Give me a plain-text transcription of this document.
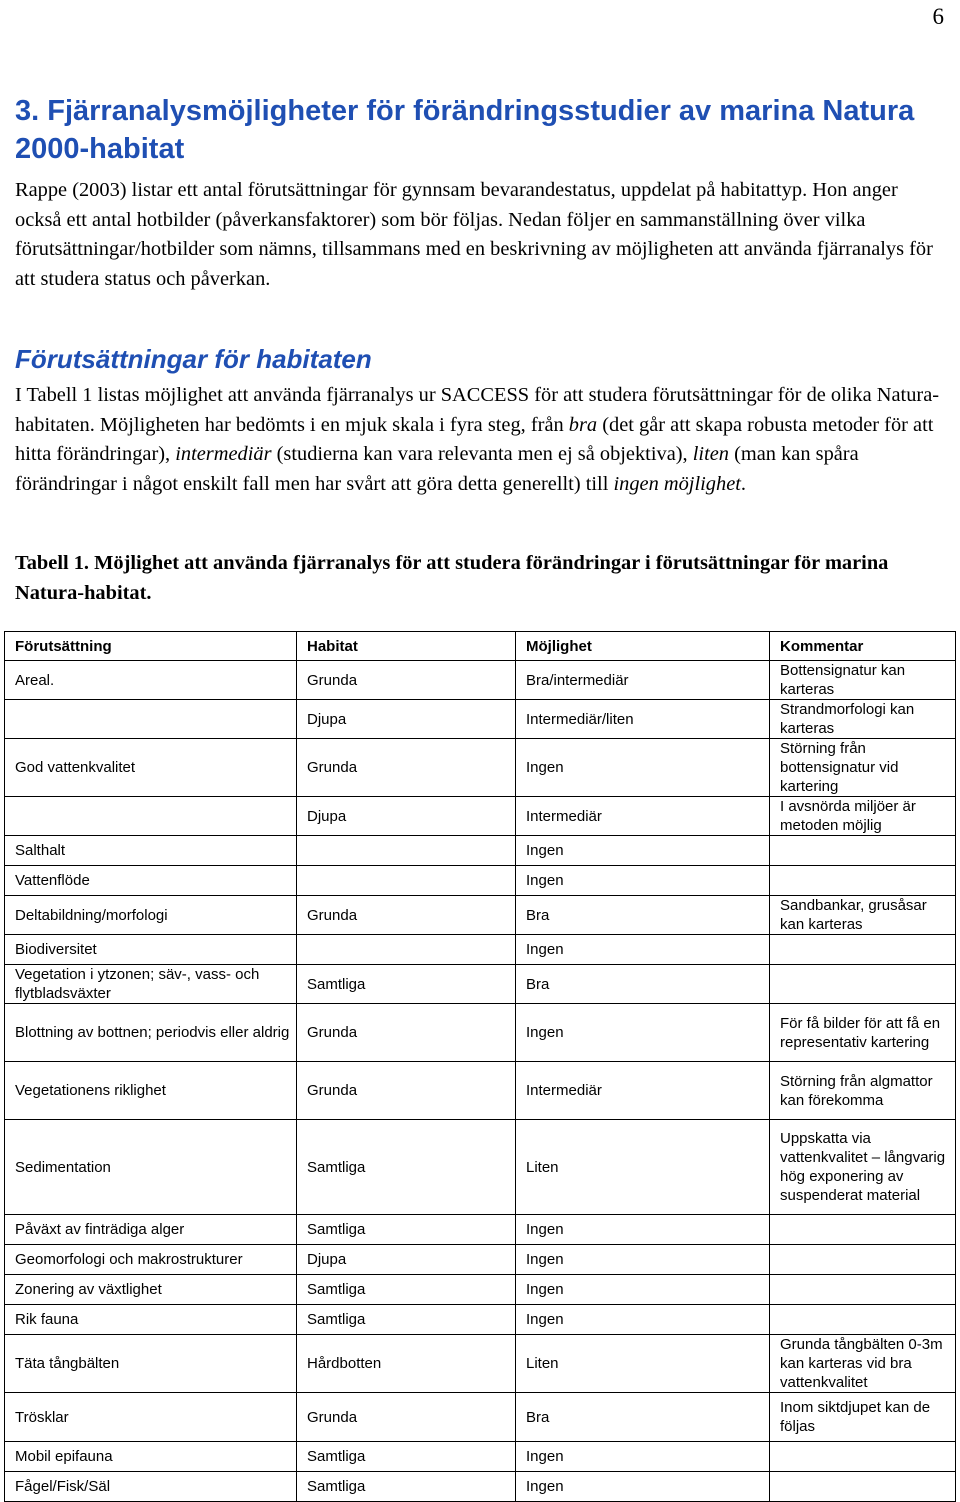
6
3. Fjärranalysmöjligheter för förändringsstudier av marina Natura 2000-habitat

Rappe (2003) listar ett antal förutsättningar för gynnsam bevarandestatus, uppdelat på habitattyp. Hon anger också ett antal hotbilder (påverkansfaktorer) som bör följas. Nedan följer en sammanställning över vilka förutsättningar/hotbilder som nämns, tillsammans med en beskrivning av möjligheten att använda fjärranalys för att studera status och påverkan.

Förutsättningar för habitaten

I Tabell 1 listas möjlighet att använda fjärranalys ur SACCESS för att studera förutsättningar för de olika Natura-habitaten. Möjligheten har bedömts i en mjuk skala i fyra steg, från bra (det går att skapa robusta metoder för att hitta förändringar), intermediär (studierna kan vara relevanta men ej så objektiva), liten (man kan spåra förändringar i något enskilt fall men har svårt att göra detta generellt) till ingen möjlighet.

Tabell 1. Möjlighet att använda fjärranalys för att studera förändringar i förutsättningar för marina Natura-habitat.

Förutsättning	Habitat	Möjlighet	Kommentar
Areal.	Grunda	Bra/intermediär	Bottensignatur kan karteras
	Djupa	Intermediär/liten	Strandmorfologi kan karteras
God vattenkvalitet	Grunda	Ingen	Störning från bottensignatur vid kartering
	Djupa	Intermediär	I avsnörda miljöer är metoden möjlig
Salthalt		Ingen	
Vattenflöde		Ingen	
Deltabildning/morfologi	Grunda	Bra	Sandbankar, grusåsar kan karteras
Biodiversitet		Ingen	
Vegetation i ytzonen; säv-, vass- och flytbladsväxter	Samtliga	Bra	
Blottning av bottnen; periodvis eller aldrig	Grunda	Ingen	För få bilder för att få en representativ kartering
Vegetationens riklighet	Grunda	Intermediär	Störning från algmattor kan förekomma
Sedimentation	Samtliga	Liten	Uppskatta via vattenkvalitet – långvarig hög exponering av suspenderat material
Påväxt av finträdiga alger	Samtliga	Ingen	
Geomorfologi och makrostrukturer	Djupa	Ingen	
Zonering av växtlighet	Samtliga	Ingen	
Rik fauna	Samtliga	Ingen	
Täta tångbälten	Hårdbotten	Liten	Grunda tångbälten 0-3m kan karteras vid bra vattenkvalitet
Trösklar	Grunda	Bra	Inom siktdjupet kan de följas
Mobil epifauna	Samtliga	Ingen	
Fågel/Fisk/Säl	Samtliga	Ingen	
